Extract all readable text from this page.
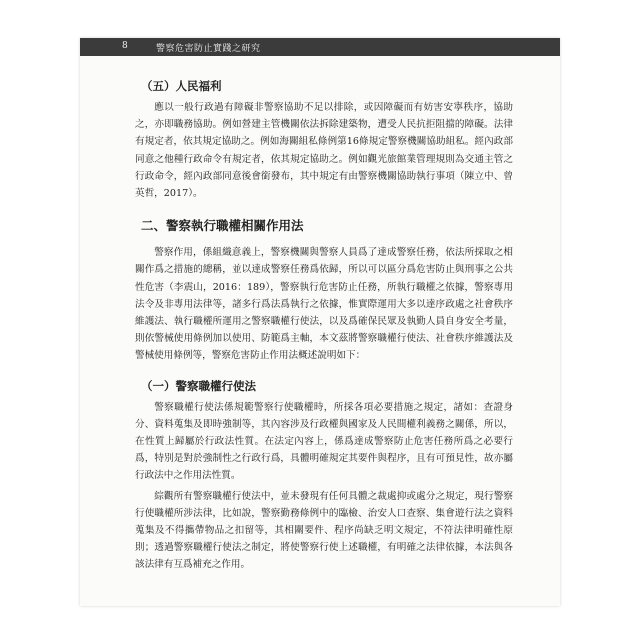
8	警察危害防止實踐之研究
（五）人民福利

應以一般行政過有障礙非警察協助不足以排除，或因障礙而有妨害安寧秩序，協助之，亦即職務協助。例如營建主管機關依法拆除建築物，遭受人民抗拒阻擋的障礙。法律有規定者，依其規定協助之。例如海關組私條例第16條規定警察機關協助組私。經內政部同意之他種行政命令有規定者，依其規定協助之。例如觀光旅館業管理規則為交通主管之行政命令，經內政部同意後會銜發布，其中規定有由警察機關協助執行事項（陳立中、曾英哲，2017）。

二、警察執行職權相關作用法

警察作用，係組織意義上，警察機關與警察人員爲了達成警察任務，依法所採取之相關作爲之措施的總稱，並以達成警察任務爲依歸，所以可以區分爲危害防止與刑事之公共性危害（李震山，2016：189），警察執行危害防止任務，所執行職權之依據，警察專用法令及非專用法律等，諸多行爲法爲執行之依據，惟實際運用大多以達序政處之社會秩序維護法、執行職權所運用之警察職權行使法，以及爲確保民眾及執勤人員自身安全考量，則依警械使用條例加以使用、防範爲主軸，本文茲將警察職權行使法、社會秩序維護法及警械使用條例等，警察危害防止作用法概述說明如下：

（一）警察職權行使法

警察職權行使法係規範警察行使職權時，所採各項必要措施之規定，諸如：查證身分、資料蒐集及即時強制等，其內容涉及行政權與國家及人民間權利義務之關係，所以，在性質上歸屬於行政法性質。在法定內容上，係爲達成警察防止危害任務所爲之必要行爲，特別是對於強制性之行政行爲，具體明確規定其要件與程序，且有可預見性，故亦屬行政法中之作用法性質。

綜觀所有警察職權行使法中，並未發現有任何具體之裁處抑或處分之規定，現行警察行使職權所涉法律，比如說，警察勤務條例中的臨檢、治安人口查察、集會遊行法之資料蒐集及不得攜帶物品之扣留等，其相關要件、程序尚缺乏明文規定，不符法律明確性原則；透過警察職權行使法之制定，將使警察行使上述職權，有明確之法律依據，本法與各該法律有互爲補充之作用。
